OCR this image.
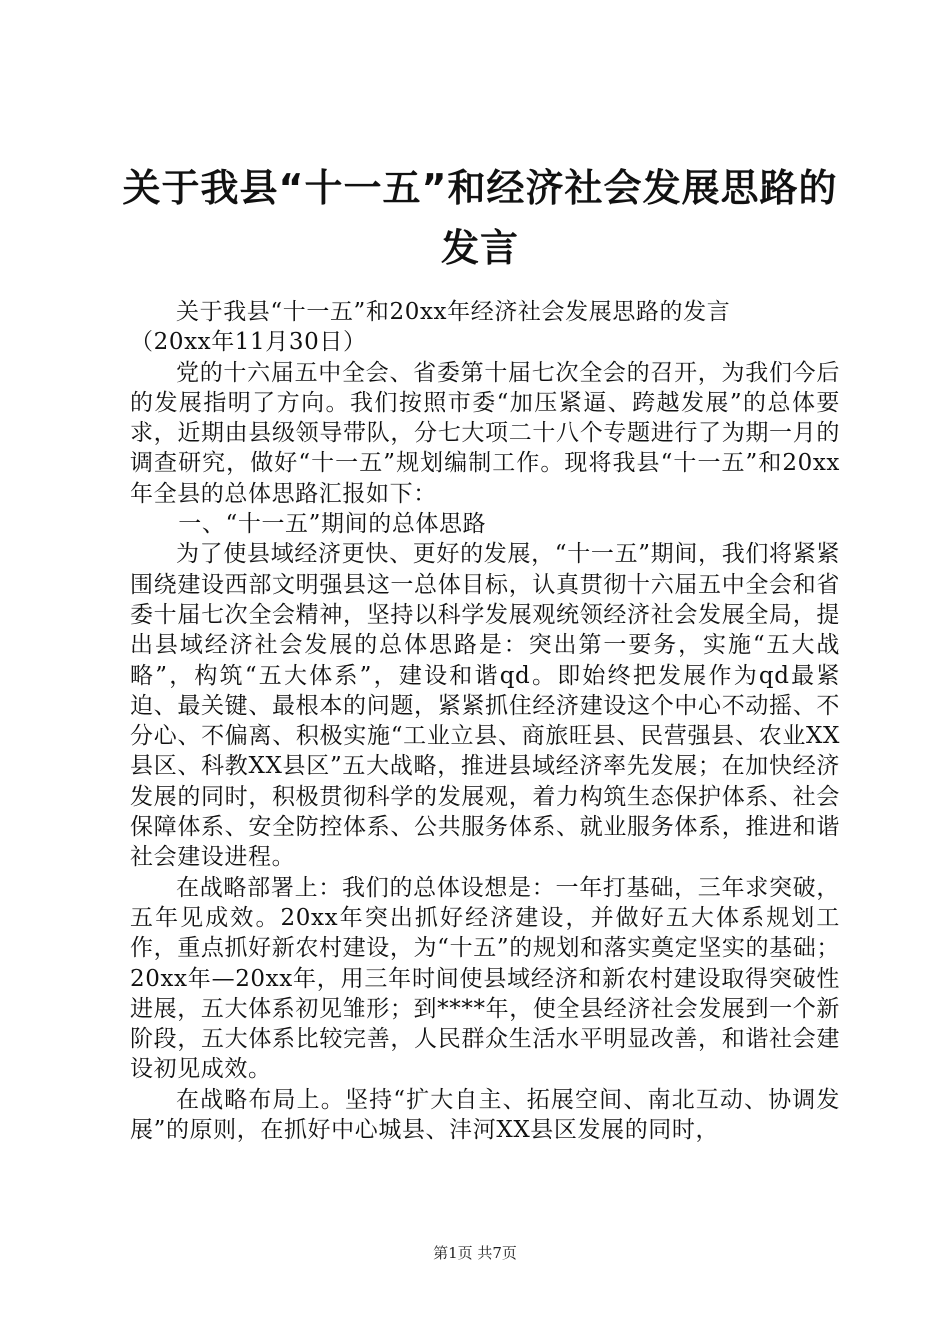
关于我县“十一五”和经济社会发展思路的发言

关于我县“十一五”和20xx年经济社会发展思路的发言

（20xx年11月30日）

党的十六届五中全会、省委第十届七次全会的召开，为我们今后的发展指明了方向。我们按照市委“加压紧逼、跨越发展”的总体要求，近期由县级领导带队，分七大项二十八个专题进行了为期一月的调查研究，做好“十一五”规划编制工作。现将我县“十一五”和20xx年全县的总体思路汇报如下：

一、“十一五”期间的总体思路

为了使县域经济更快、更好的发展，“十一五”期间，我们将紧紧围绕建设西部文明强县这一总体目标，认真贯彻十六届五中全会和省委十届七次全会精神，坚持以科学发展观统领经济社会发展全局，提出县域经济社会发展的总体思路是：突出第一要务，实施“五大战略”，构筑“五大体系”，建设和谐qd。即始终把发展作为qd最紧迫、最关键、最根本的问题，紧紧抓住经济建设这个中心不动摇、不分心、不偏离、积极实施“工业立县、商旅旺县、民营强县、农业XX县区、科教XX县区”五大战略，推进县域经济率先发展；在加快经济发展的同时，积极贯彻科学的发展观，着力构筑生态保护体系、社会保障体系、安全防控体系、公共服务体系、就业服务体系，推进和谐社会建设进程。

在战略部署上：我们的总体设想是：一年打基础，三年求突破，五年见成效。20xx年突出抓好经济建设，并做好五大体系规划工作，重点抓好新农村建设，为“十五”的规划和落实奠定坚实的基础；20xx年—20xx年，用三年时间使县域经济和新农村建设取得突破性进展，五大体系初见雏形；到****年，使全县经济社会发展到一个新阶段，五大体系比较完善，人民群众生活水平明显改善，和谐社会建设初见成效。

在战略布局上。坚持“扩大自主、拓展空间、南北互动、协调发展”的原则，在抓好中心城县、沣河XX县区发展的同时，

第1页 共7页
